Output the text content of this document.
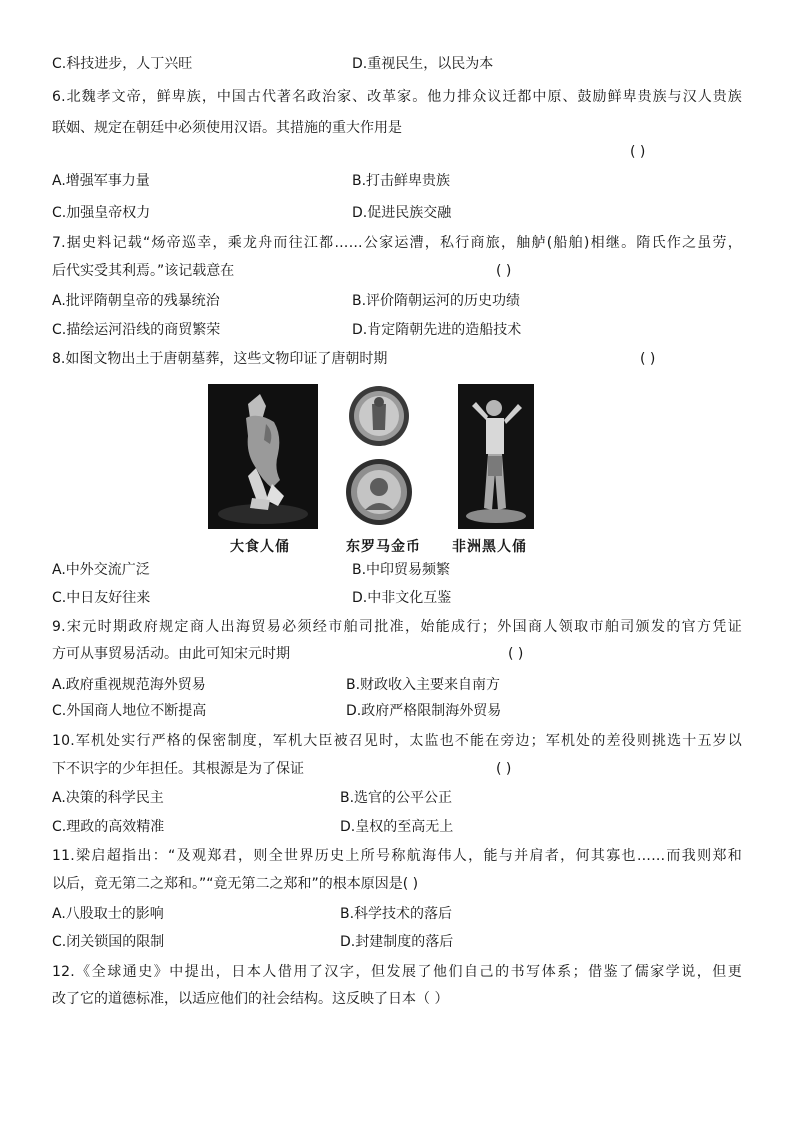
C.科技进步，人丁兴旺	D.重视民生，以民为本
6.北魏孝文帝，鲜卑族，中国古代著名政治家、改革家。他力排众议迁都中原、鼓励鲜卑贵族与汉人贵族
联姻、规定在朝廷中必须使用汉语。其措施的重大作用是
( )
A.增强军事力量	B.打击鲜卑贵族
C.加强皇帝权力	D.促进民族交融
7.据史料记载“炀帝巡幸，乘龙舟而往江都……公家运漕，私行商旅，舳舻(船舶)相继。隋氏作之虽劳，
后代实受其利焉。”该记载意在	( )
A.批评隋朝皇帝的残暴统治	B.评价隋朝运河的历史功绩
C.描绘运河沿线的商贸繁荣	D.肯定隋朝先进的造船技术
8.如图文物出土于唐朝墓葬，这些文物印证了唐朝时期	( )
大食人俑	东罗马金币 非洲黑人俑
A.中外交流广泛	B.中印贸易频繁
C.中日友好往来	D.中非文化互鉴
9.宋元时期政府规定商人出海贸易必须经市舶司批准，始能成行；外国商人领取市舶司颁发的官方凭证
方可从事贸易活动。由此可知宋元时期	( )
A.政府重视规范海外贸易	B.财政收入主要来自南方
C.外国商人地位不断提高	D.政府严格限制海外贸易
10.军机处实行严格的保密制度，军机大臣被召见时，太监也不能在旁边；军机处的差役则挑选十五岁以
下不识字的少年担任。其根源是为了保证	( )
A.决策的科学民主	B.选官的公平公正
C.理政的高效精准	D.皇权的至高无上
11.梁启超指出：“及观郑君，则全世界历史上所号称航海伟人，能与并肩者，何其寡也……而我则郑和
以后，竟无第二之郑和。”“竟无第二之郑和”的根本原因是( )
A.八股取士的影响	B.科学技术的落后
C.闭关锁国的限制	D.封建制度的落后
12.《全球通史》中提出，日本人借用了汉字，但发展了他们自己的书写体系；借鉴了儒家学说，但更
改了它的道德标准，以适应他们的社会结构。这反映了日本（ ）
